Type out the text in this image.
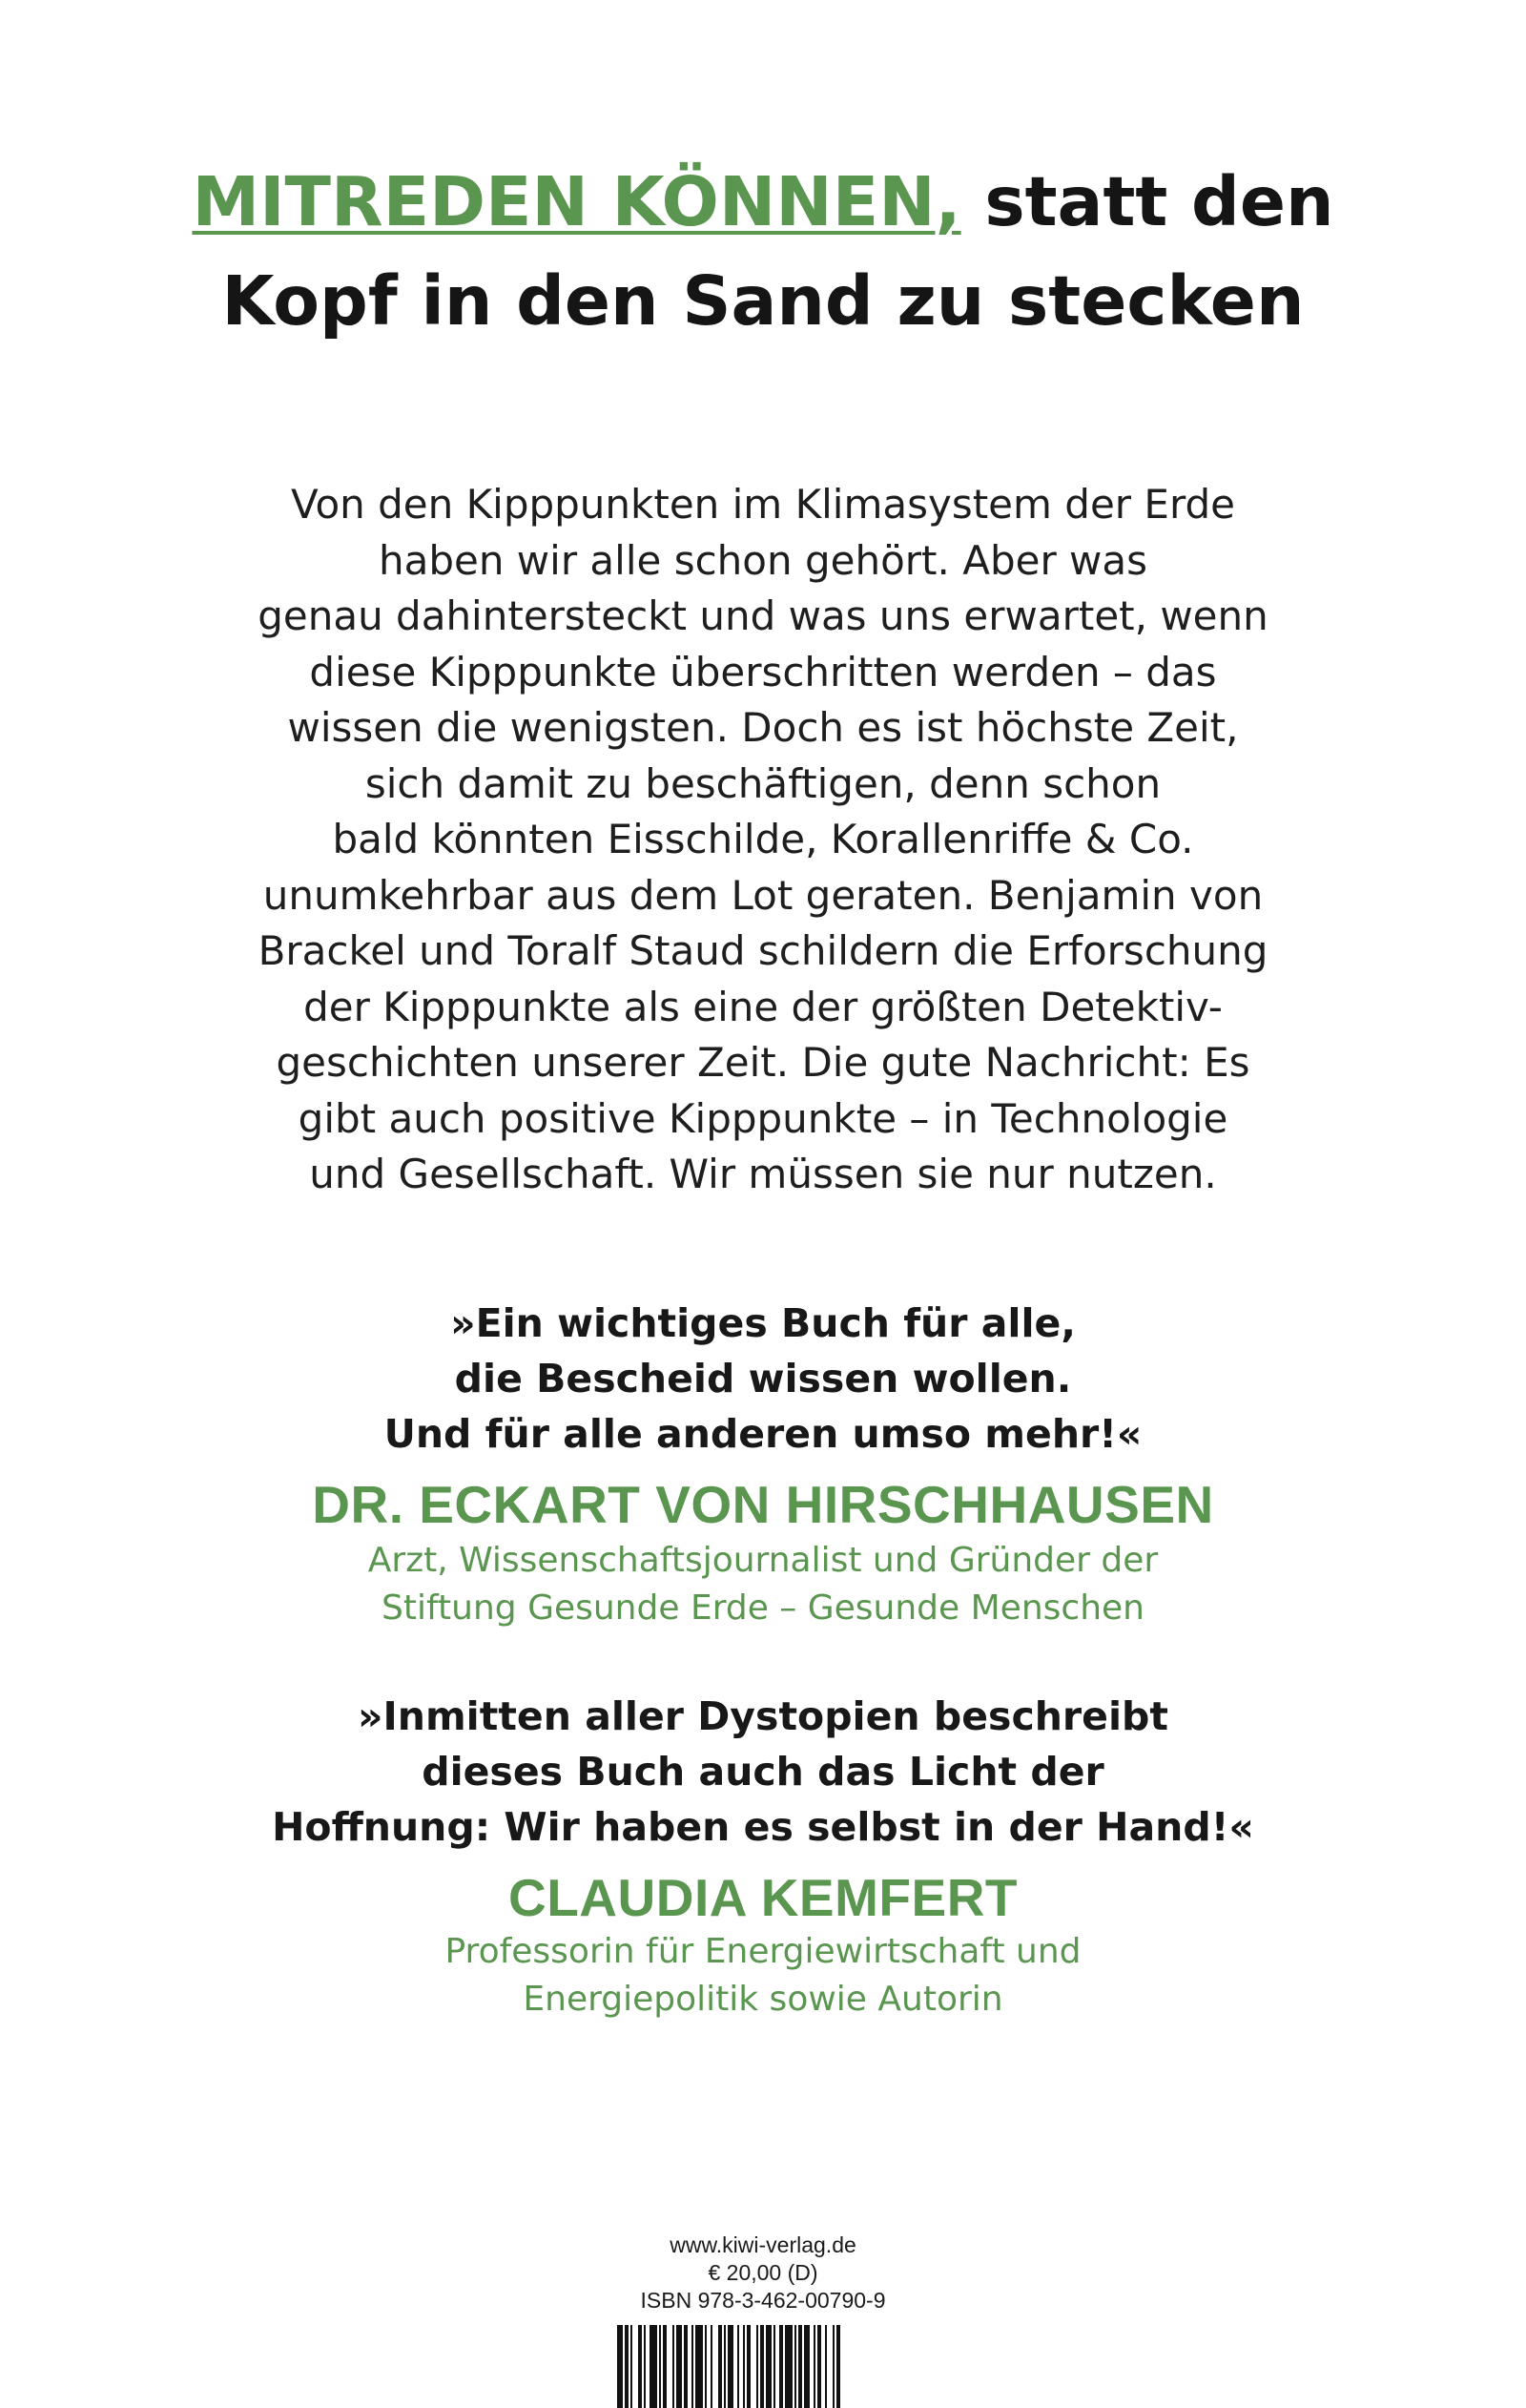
MITREDEN KÖNNEN, statt den
Kopf in den Sand zu stecken
Von den Kipppunkten im Klimasystem der Erde
haben wir alle schon gehört. Aber was
genau dahintersteckt und was uns erwartet, wenn
diese Kipppunkte überschritten werden – das
wissen die wenigsten. Doch es ist höchste Zeit,
sich damit zu beschäftigen, denn schon
bald könnten Eisschilde, Korallenriffe & Co.
unumkehrbar aus dem Lot geraten. Benjamin von
Brackel und Toralf Staud schildern die Erforschung
der Kipppunkte als eine der größten Detektiv-
geschichten unserer Zeit. Die gute Nachricht: Es
gibt auch positive Kipppunkte – in Technologie
und Gesellschaft. Wir müssen sie nur nutzen.
»Ein wichtiges Buch für alle,
die Bescheid wissen wollen.
Und für alle anderen umso mehr!«
DR. ECKART VON HIRSCHHAUSEN
Arzt, Wissenschaftsjournalist und Gründer der
Stiftung Gesunde Erde – Gesunde Menschen
»Inmitten aller Dystopien beschreibt
dieses Buch auch das Licht der
Hoffnung: Wir haben es selbst in der Hand!«
CLAUDIA KEMFERT
Professorin für Energiewirtschaft und
Energiepolitik sowie Autorin
www.kiwi-verlag.de
€ 20,00 (D)
ISBN 978-3-462-00790-9
